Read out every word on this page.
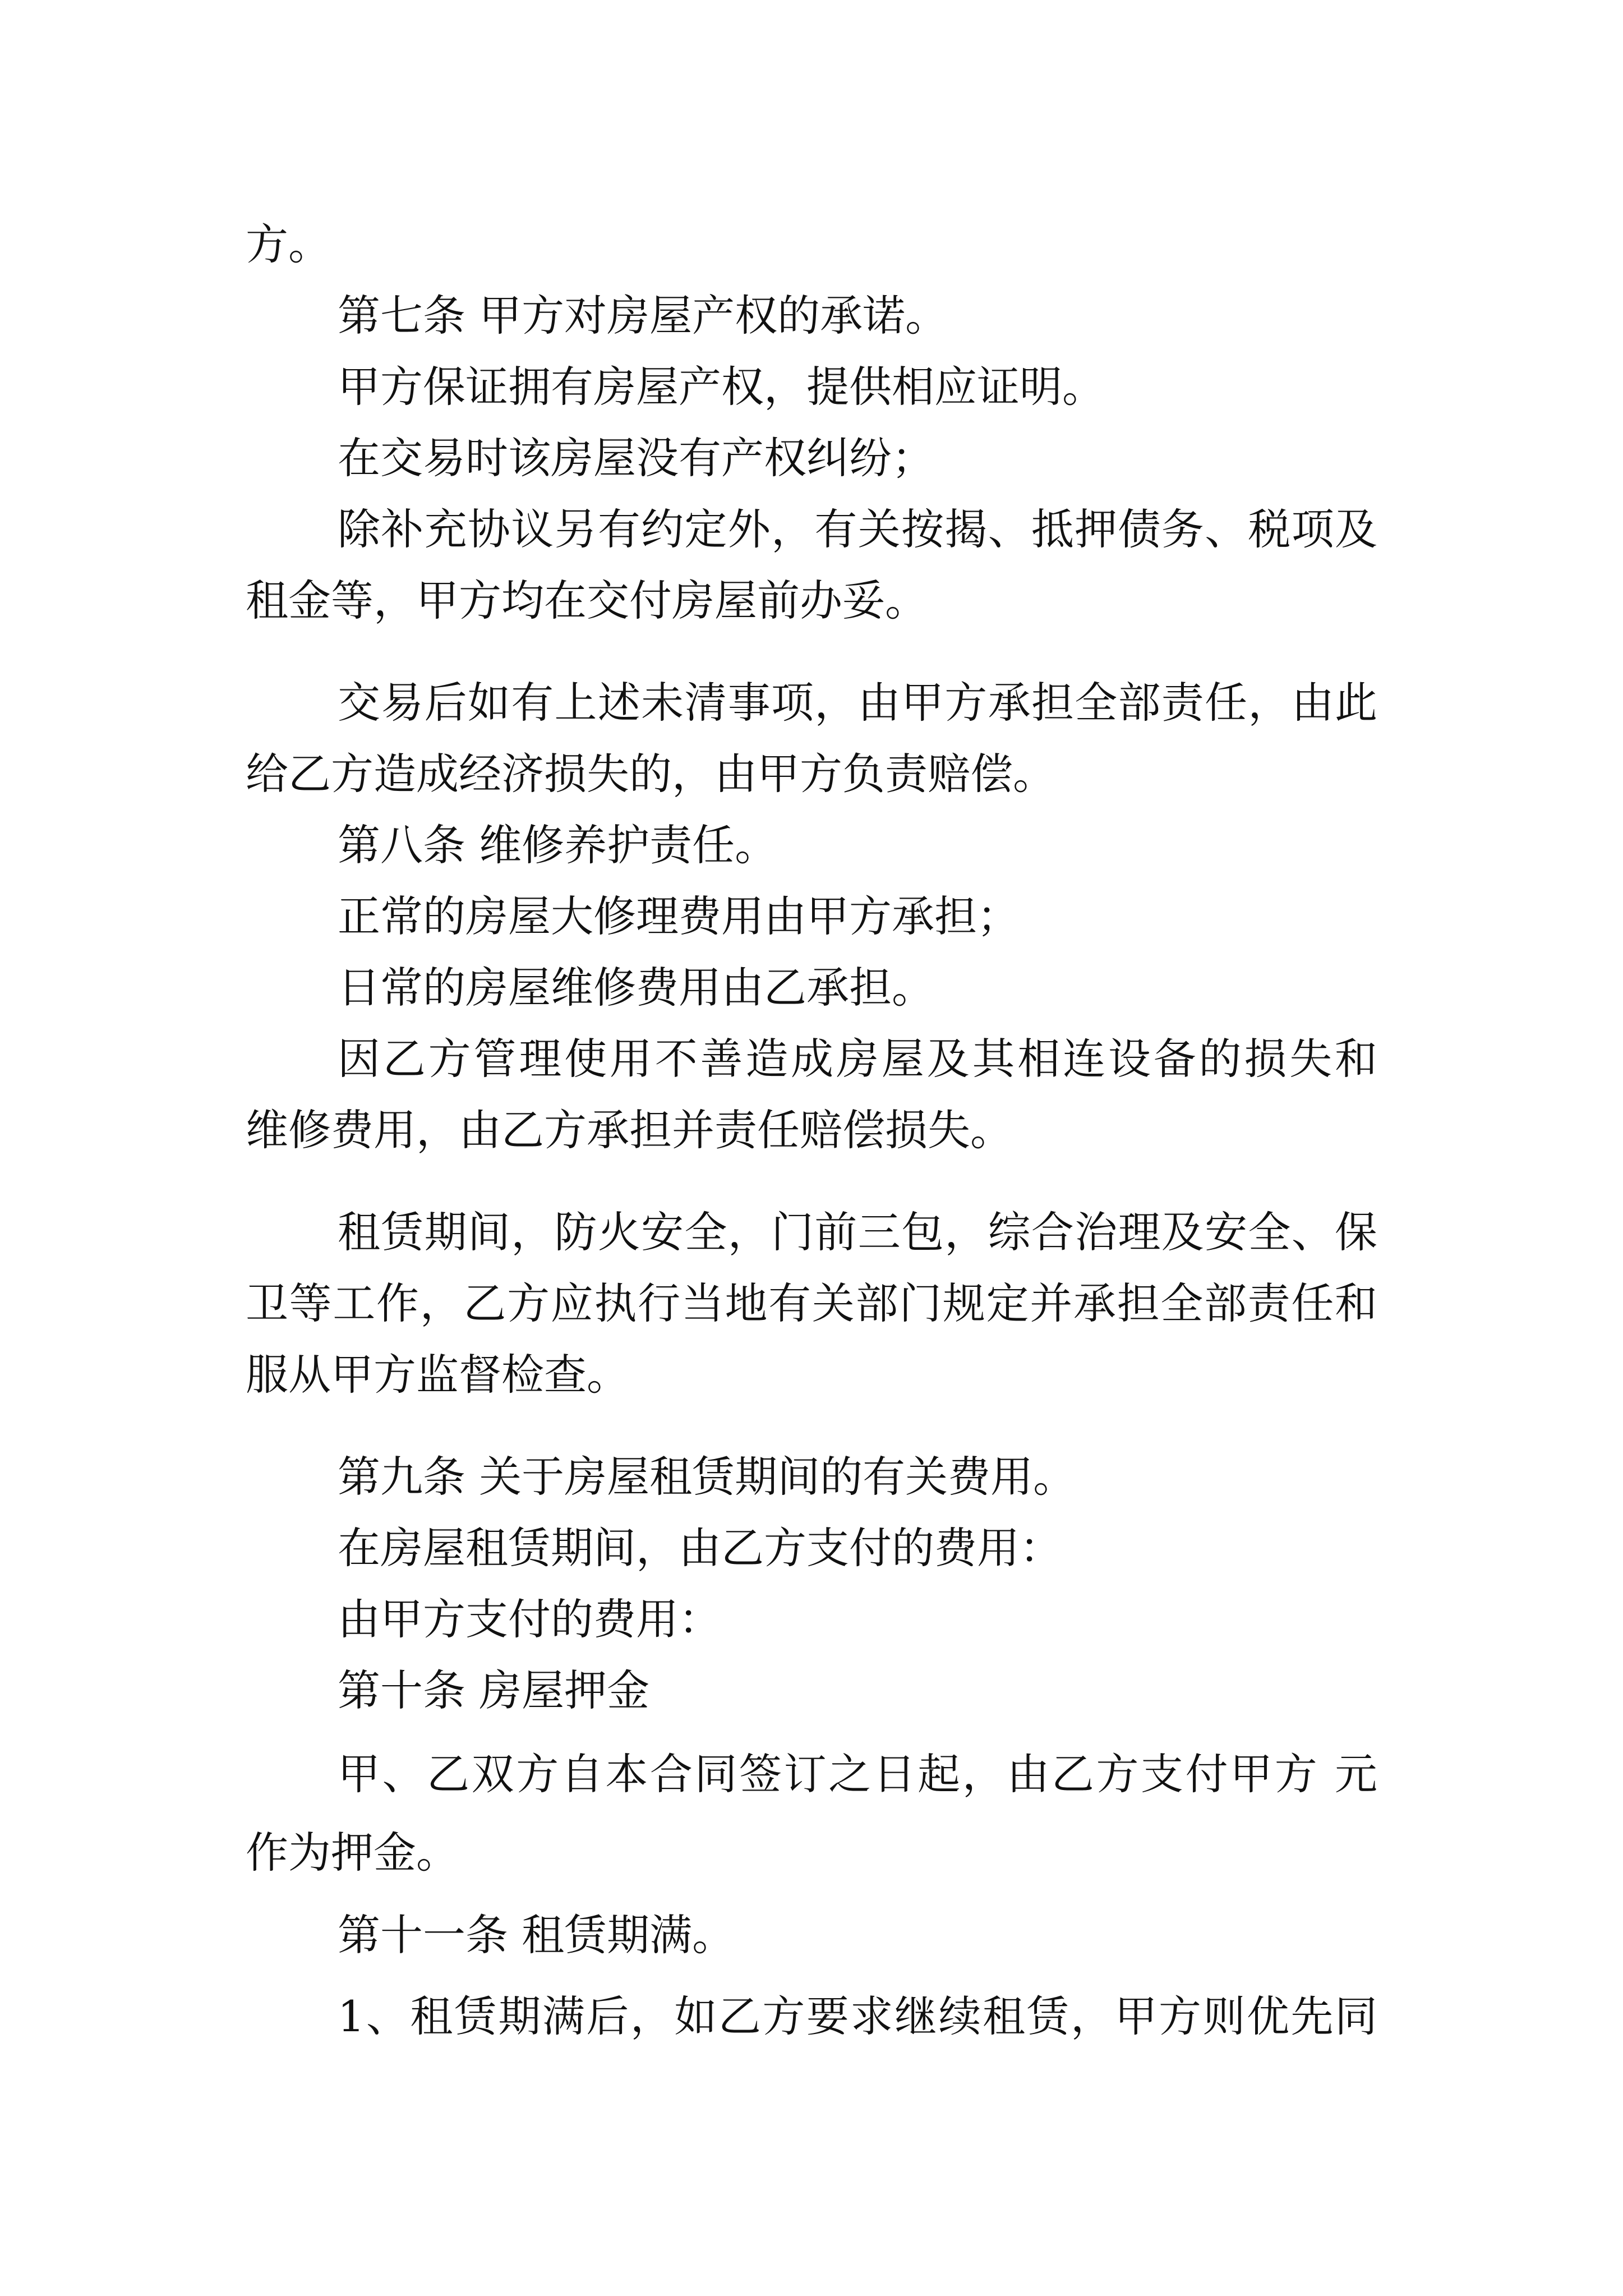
方。

第七条 甲方对房屋产权的承诺。

甲方保证拥有房屋产权，提供相应证明。

在交易时该房屋没有产权纠纷；

除补充协议另有约定外，有关按揭、抵押债务、税项及

租金等，甲方均在交付房屋前办妥。

交易后如有上述未清事项，由甲方承担全部责任，由此

给乙方造成经济损失的，由甲方负责赔偿。

第八条 维修养护责任。

正常的房屋大修理费用由甲方承担；

日常的房屋维修费用由乙承担。

因乙方管理使用不善造成房屋及其相连设备的损失和

维修费用，由乙方承担并责任赔偿损失。

租赁期间，防火安全，门前三包，综合治理及安全、保

卫等工作，乙方应执行当地有关部门规定并承担全部责任和

服从甲方监督检查。

第九条 关于房屋租赁期间的有关费用。

在房屋租赁期间，由乙方支付的费用：

由甲方支付的费用：

第十条 房屋押金

甲、乙双方自本合同签订之日起，由乙方支付甲方 元

作为押金。

第十一条 租赁期满。

1、租赁期满后，如乙方要求继续租赁，甲方则优先同
